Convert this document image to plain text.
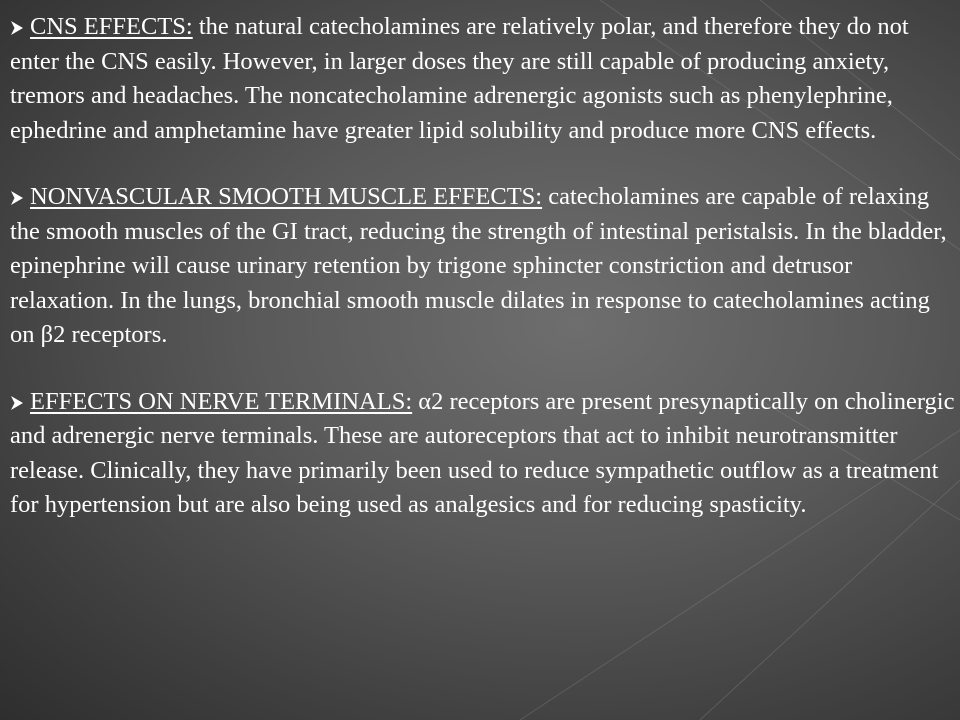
CNS EFFECTS: the natural catecholamines are relatively polar, and therefore they do not enter the CNS easily. However, in larger doses they are still capable of producing anxiety, tremors and headaches. The noncatecholamine adrenergic agonists such as phenylephrine, ephedrine and amphetamine have greater lipid solubility and produce more CNS effects.

NONVASCULAR SMOOTH MUSCLE EFFECTS: catecholamines are capable of relaxing the smooth muscles of the GI tract, reducing the strength of intestinal peristalsis. In the bladder, epinephrine will cause urinary retention by trigone sphincter constriction and detrusor relaxation. In the lungs, bronchial smooth muscle dilates in response to catecholamines acting on β2 receptors.

EFFECTS ON NERVE TERMINALS: α2 receptors are present presynaptically on cholinergic and adrenergic nerve terminals. These are autoreceptors that act to inhibit neurotransmitter release. Clinically, they have primarily been used to reduce sympathetic outflow as a treatment for hypertension but are also being used as analgesics and for reducing spasticity.
